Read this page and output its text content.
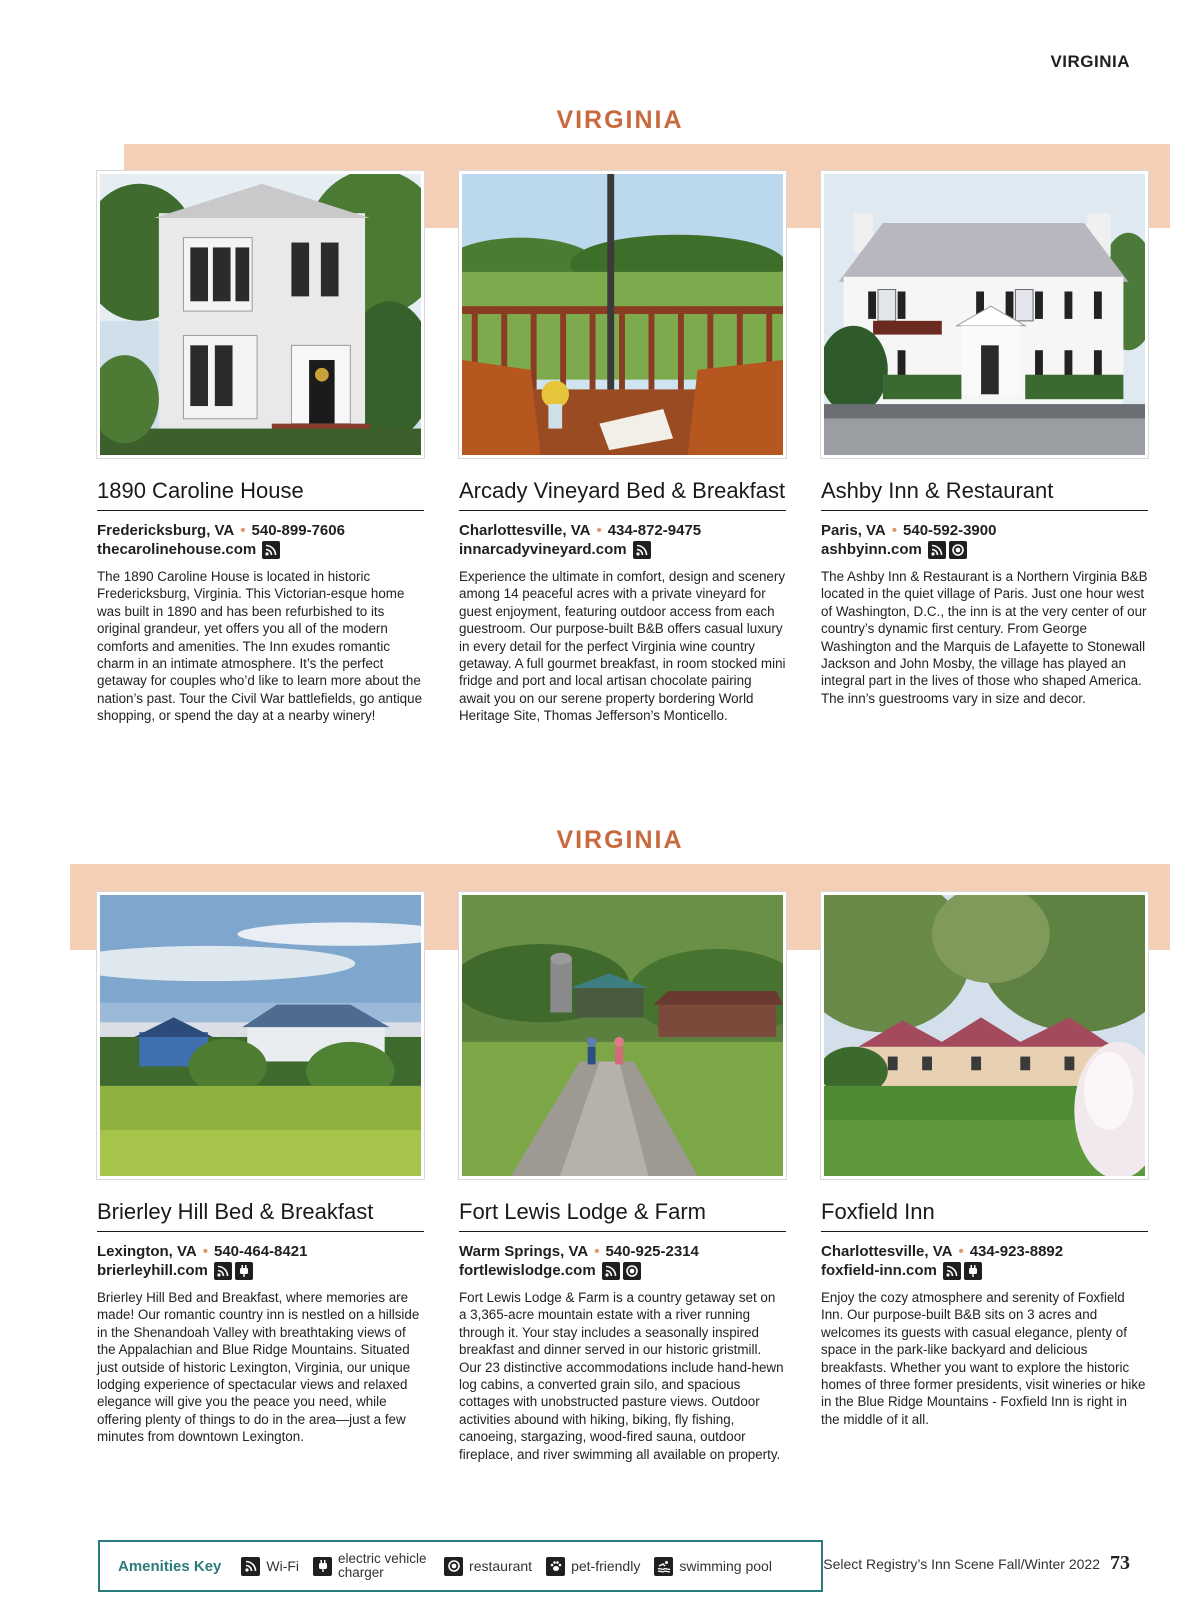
VIRGINIA
VIRGINIA
1890 Caroline House
Fredericksburg, VA • 540-899-7606
thecarolinehouse.com
The 1890 Caroline House is located in historic Fredericksburg, Virginia. This Victorian-esque home was built in 1890 and has been refurbished to its original grandeur, yet offers you all of the modern comforts and amenities. The Inn exudes romantic charm in an intimate atmosphere. It’s the perfect getaway for couples who’d like to learn more about the nation’s past. Tour the Civil War battlefields, go antique shopping, or spend the day at a nearby winery!
Arcady Vineyard Bed & Breakfast
Charlottesville, VA • 434-872-9475
innarcadyvineyard.com
Experience the ultimate in comfort, design and scenery among 14 peaceful acres with a private vineyard for guest enjoyment, featuring outdoor access from each guestroom. Our purpose-built B&B offers casual luxury in every detail for the perfect Virginia wine country getaway. A full gourmet breakfast, in room stocked mini fridge and port and local artisan chocolate pairing await you on our serene property bordering World Heritage Site, Thomas Jefferson’s Monticello.
Ashby Inn & Restaurant
Paris, VA • 540-592-3900
ashbyinn.com
The Ashby Inn & Restaurant is a Northern Virginia B&B located in the quiet village of Paris. Just one hour west of Washington, D.C., the inn is at the very center of our country’s dynamic first century. From George Washington and the Marquis de Lafayette to Stonewall Jackson and John Mosby, the village has played an integral part in the lives of those who shaped America. The inn’s guestrooms vary in size and decor.
VIRGINIA
Brierley Hill Bed & Breakfast
Lexington, VA • 540-464-8421
brierleyhill.com
Brierley Hill Bed and Breakfast, where memories are made! Our romantic country inn is nestled on a hillside in the Shenandoah Valley with breathtaking views of the Appalachian and Blue Ridge Mountains. Situated just outside of historic Lexington, Virginia, our unique lodging experience of spectacular views and relaxed elegance will give you the peace you need, while offering plenty of things to do in the area—just a few minutes from downtown Lexington.
Fort Lewis Lodge & Farm
Warm Springs, VA • 540-925-2314
fortlewislodge.com
Fort Lewis Lodge & Farm is a country getaway set on a 3,365-acre mountain estate with a river running through it. Your stay includes a seasonally inspired breakfast and dinner served in our historic gristmill. Our 23 distinctive accommodations include hand-hewn log cabins, a converted grain silo, and spacious cottages with unobstructed pasture views. Outdoor activities abound with hiking, biking, fly fishing, canoeing, stargazing, wood-fired sauna, outdoor fireplace, and river swimming all available on property.
Foxfield Inn
Charlottesville, VA • 434-923-8892
foxfield-inn.com
Enjoy the cozy atmosphere and serenity of Foxfield Inn. Our purpose-built B&B sits on 3 acres and welcomes its guests with casual elegance, plenty of space in the park-like backyard and delicious breakfasts. Whether you want to explore the historic homes of three former presidents, visit wineries or hike in the Blue Ridge Mountains - Foxfield Inn is right in the middle of it all.
Amenities Key	Wi-Fi	electric vehicle charger	restaurant	pet-friendly	swimming pool	Select Registry’s Inn Scene Fall/Winter 2022 73
